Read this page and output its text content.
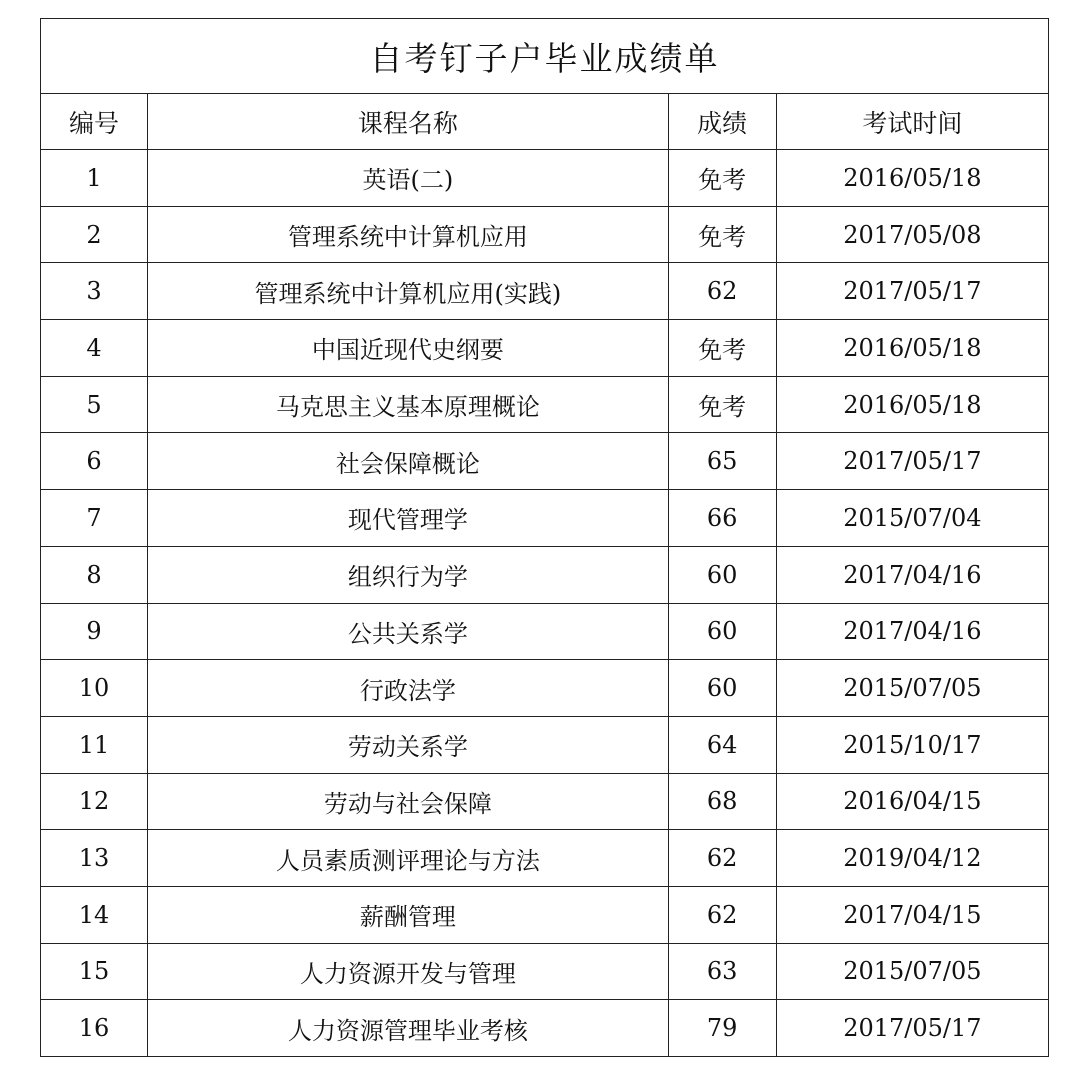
自考钉子户毕业成绩单			
编号	课程名称	成绩	考试时间
1	英语(二)	免考	2016/05/18
2	管理系统中计算机应用	免考	2017/05/08
3	管理系统中计算机应用(实践)	62	2017/05/17
4	中国近现代史纲要	免考	2016/05/18
5	马克思主义基本原理概论	免考	2016/05/18
6	社会保障概论	65	2017/05/17
7	现代管理学	66	2015/07/04
8	组织行为学	60	2017/04/16
9	公共关系学	60	2017/04/16
10	行政法学	60	2015/07/05
11	劳动关系学	64	2015/10/17
12	劳动与社会保障	68	2016/04/15
13	人员素质测评理论与方法	62	2019/04/12
14	薪酬管理	62	2017/04/15
15	人力资源开发与管理	63	2015/07/05
16	人力资源管理毕业考核	79	2017/05/17
